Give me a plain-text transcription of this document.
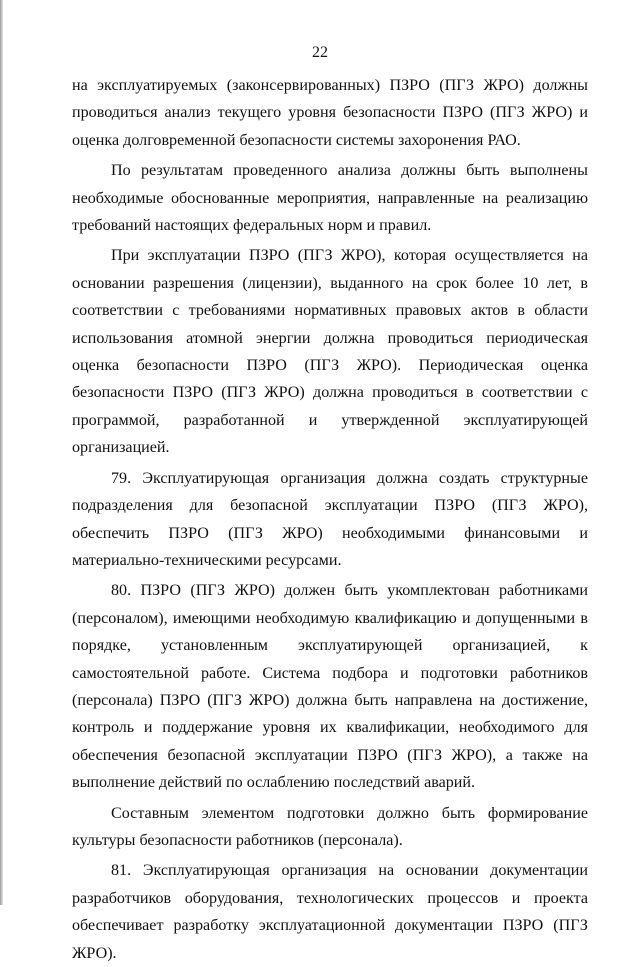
22

на эксплуатируемых (законсервированных) ПЗРО (ПГЗ ЖРО) должны проводиться анализ текущего уровня безопасности ПЗРО (ПГЗ ЖРО) и оценка долговременной безопасности системы захоронения РАО.

По результатам проведенного анализа должны быть выполнены необходимые обоснованные мероприятия, направленные на реализацию требований настоящих федеральных норм и правил.

При эксплуатации ПЗРО (ПГЗ ЖРО), которая осуществляется на основании разрешения (лицензии), выданного на срок более 10 лет, в соответствии с требованиями нормативных правовых актов в области использования атомной энергии должна проводиться периодическая оценка безопасности ПЗРО (ПГЗ ЖРО). Периодическая оценка безопасности ПЗРО (ПГЗ ЖРО) должна проводиться в соответствии с программой, разработанной и утвержденной эксплуатирующей организацией.

79. Эксплуатирующая организация должна создать структурные подразделения для безопасной эксплуатации ПЗРО (ПГЗ ЖРО), обеспечить ПЗРО (ПГЗ ЖРО) необходимыми финансовыми и материально-техническими ресурсами.

80. ПЗРО (ПГЗ ЖРО) должен быть укомплектован работниками (персоналом), имеющими необходимую квалификацию и допущенными в порядке, установленным эксплуатирующей организацией, к самостоятельной работе. Система подбора и подготовки работников (персонала) ПЗРО (ПГЗ ЖРО) должна быть направлена на достижение, контроль и поддержание уровня их квалификации, необходимого для обеспечения безопасной эксплуатации ПЗРО (ПГЗ ЖРО), а также на выполнение действий по ослаблению последствий аварий.

Составным элементом подготовки должно быть формирование культуры безопасности работников (персонала).

81. Эксплуатирующая организация на основании документации разработчиков оборудования, технологических процессов и проекта обеспечивает разработку эксплуатационной документации ПЗРО (ПГЗ ЖРО).
